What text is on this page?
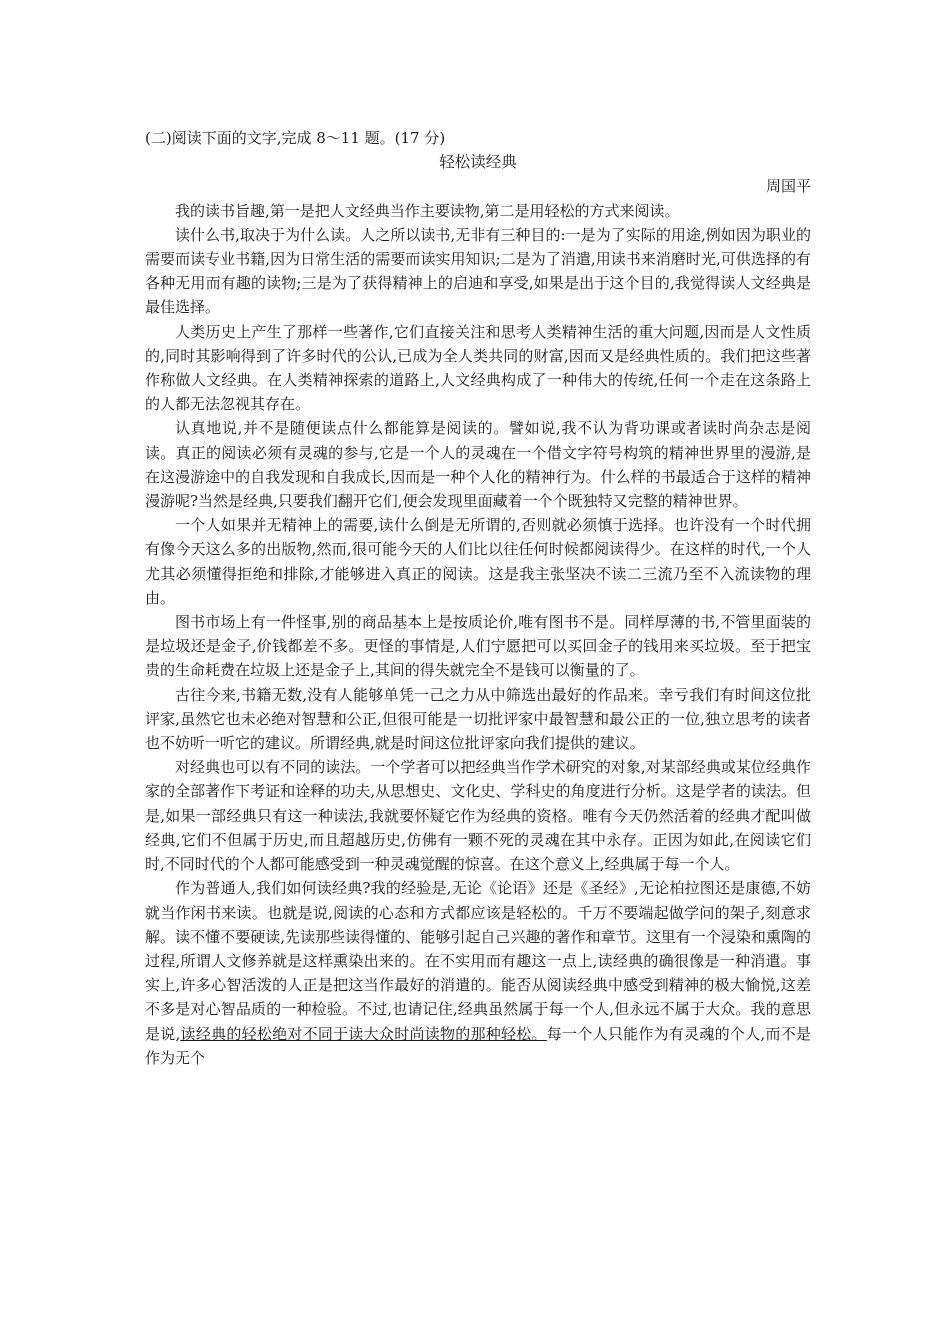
(二)阅读下面的文字,完成 8～11 题。(17 分)

轻松读经典

周国平

我的读书旨趣,第一是把人文经典当作主要读物,第二是用轻松的方式来阅读。

读什么书,取决于为什么读。人之所以读书,无非有三种目的:一是为了实际的用途,例如因为职业的需要而读专业书籍,因为日常生活的需要而读实用知识;二是为了消遣,用读书来消磨时光,可供选择的有各种无用而有趣的读物;三是为了获得精神上的启迪和享受,如果是出于这个目的,我觉得读人文经典是最佳选择。

人类历史上产生了那样一些著作,它们直接关注和思考人类精神生活的重大问题,因而是人文性质的,同时其影响得到了许多时代的公认,已成为全人类共同的财富,因而又是经典性质的。我们把这些著作称做人文经典。在人类精神探索的道路上,人文经典构成了一种伟大的传统,任何一个走在这条路上的人都无法忽视其存在。

认真地说,并不是随便读点什么都能算是阅读的。譬如说,我不认为背功课或者读时尚杂志是阅读。真正的阅读必须有灵魂的参与,它是一个人的灵魂在一个借文字符号构筑的精神世界里的漫游,是在这漫游途中的自我发现和自我成长,因而是一种个人化的精神行为。什么样的书最适合于这样的精神漫游呢?当然是经典,只要我们翻开它们,便会发现里面藏着一个个既独特又完整的精神世界。

一个人如果并无精神上的需要,读什么倒是无所谓的,否则就必须慎于选择。也许没有一个时代拥有像今天这么多的出版物,然而,很可能今天的人们比以往任何时候都阅读得少。在这样的时代,一个人尤其必须懂得拒绝和排除,才能够进入真正的阅读。这是我主张坚决不读二三流乃至不入流读物的理由。

图书市场上有一件怪事,别的商品基本上是按质论价,唯有图书不是。同样厚薄的书,不管里面装的是垃圾还是金子,价钱都差不多。更怪的事情是,人们宁愿把可以买回金子的钱用来买垃圾。至于把宝贵的生命耗费在垃圾上还是金子上,其间的得失就完全不是钱可以衡量的了。

古往今来,书籍无数,没有人能够单凭一己之力从中筛选出最好的作品来。幸亏我们有时间这位批评家,虽然它也未必绝对智慧和公正,但很可能是一切批评家中最智慧和最公正的一位,独立思考的读者也不妨听一听它的建议。所谓经典,就是时间这位批评家向我们提供的建议。

对经典也可以有不同的读法。一个学者可以把经典当作学术研究的对象,对某部经典或某位经典作家的全部著作下考证和诠释的功夫,从思想史、文化史、学科史的角度进行分析。这是学者的读法。但是,如果一部经典只有这一种读法,我就要怀疑它作为经典的资格。唯有今天仍然活着的经典才配叫做经典,它们不但属于历史,而且超越历史,仿佛有一颗不死的灵魂在其中永存。正因为如此,在阅读它们时,不同时代的个人都可能感受到一种灵魂觉醒的惊喜。在这个意义上,经典属于每一个人。

作为普通人,我们如何读经典?我的经验是,无论《论语》还是《圣经》,无论柏拉图还是康德,不妨就当作闲书来读。也就是说,阅读的心态和方式都应该是轻松的。千万不要端起做学问的架子,刻意求解。读不懂不要硬读,先读那些读得懂的、能够引起自己兴趣的著作和章节。这里有一个浸染和熏陶的过程,所谓人文修养就是这样熏染出来的。在不实用而有趣这一点上,读经典的确很像是一种消遣。事实上,许多心智活泼的人正是把这当作最好的消遣的。能否从阅读经典中感受到精神的极大愉悦,这差不多是对心智品质的一种检验。不过,也请记住,经典虽然属于每一个人,但永远不属于大众。我的意思是说,读经典的轻松绝对不同于读大众时尚读物的那种轻松。每一个人只能作为有灵魂的个人,而不是作为无个
